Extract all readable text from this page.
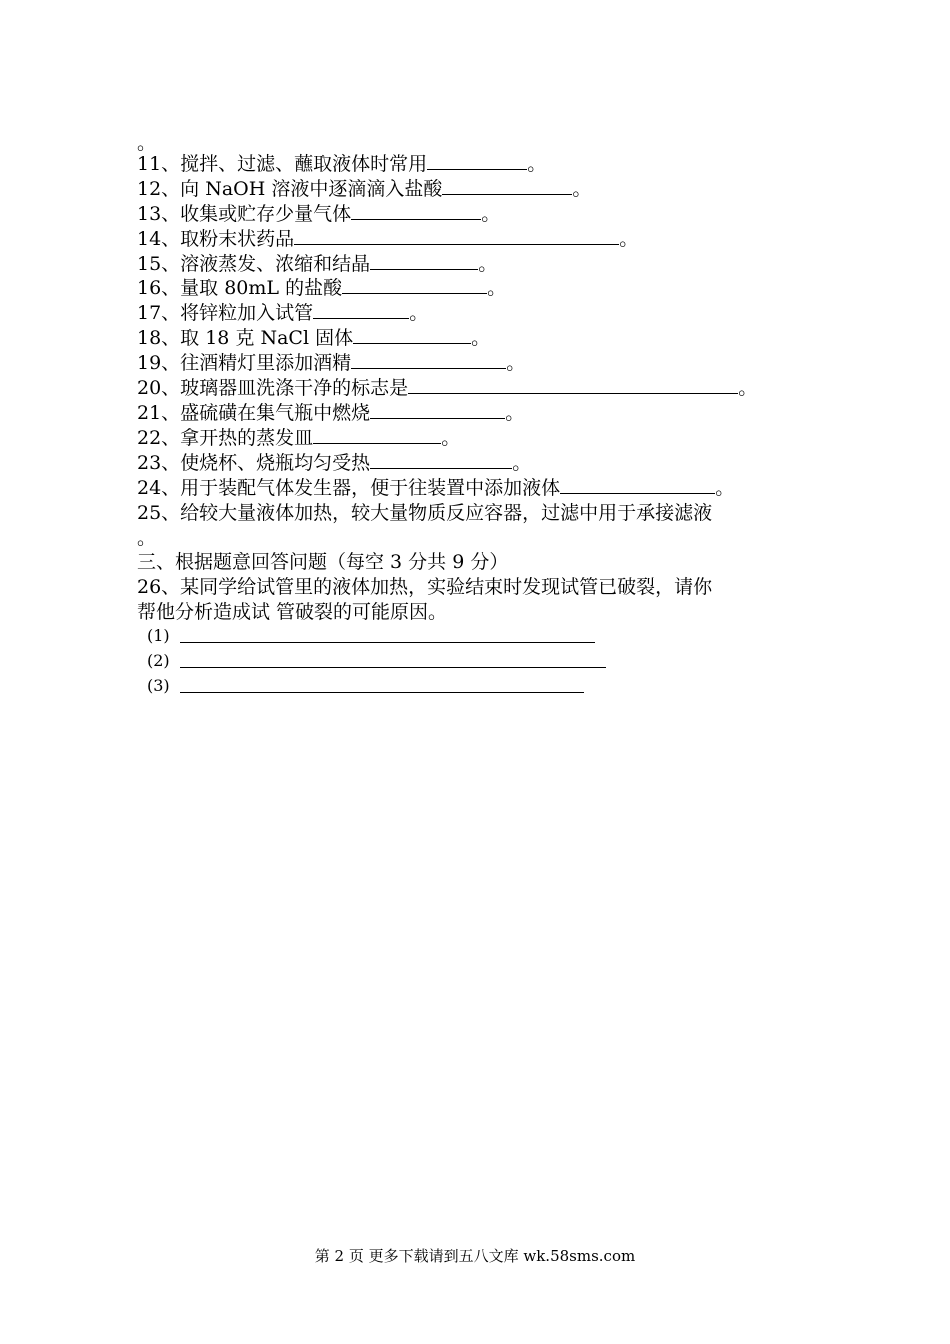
。
11、搅拌、过滤、蘸取液体时常用	。
12、向 NaOH 溶液中逐滴滴入盐酸	。
13、收集或贮存少量气体	。
14、取粉末状药品	。
15、溶液蒸发、浓缩和结晶	。
16、量取 80mL 的盐酸	。
17、将锌粒加入试管	。
18、取 18 克 NaCl 固体	。
19、往酒精灯里添加酒精	。
20、玻璃器皿洗涤干净的标志是	。
21、盛硫磺在集气瓶中燃烧	。
22、拿开热的蒸发皿	。
23、使烧杯、烧瓶均匀受热	。
24、用于装配气体发生器，便于往装置中添加液体	。
25、给较大量液体加热，较大量物质反应容器，过滤中用于承接滤液
。
三、根据题意回答问题（每空 3 分共 9 分）
26、某同学给试管里的液体加热，实验结束时发现试管已破裂，请你
帮他分析造成试 管破裂的可能原因。
(1)
(2)
(3)
第 2 页 更多下载请到五八文库 wk.58sms.com
